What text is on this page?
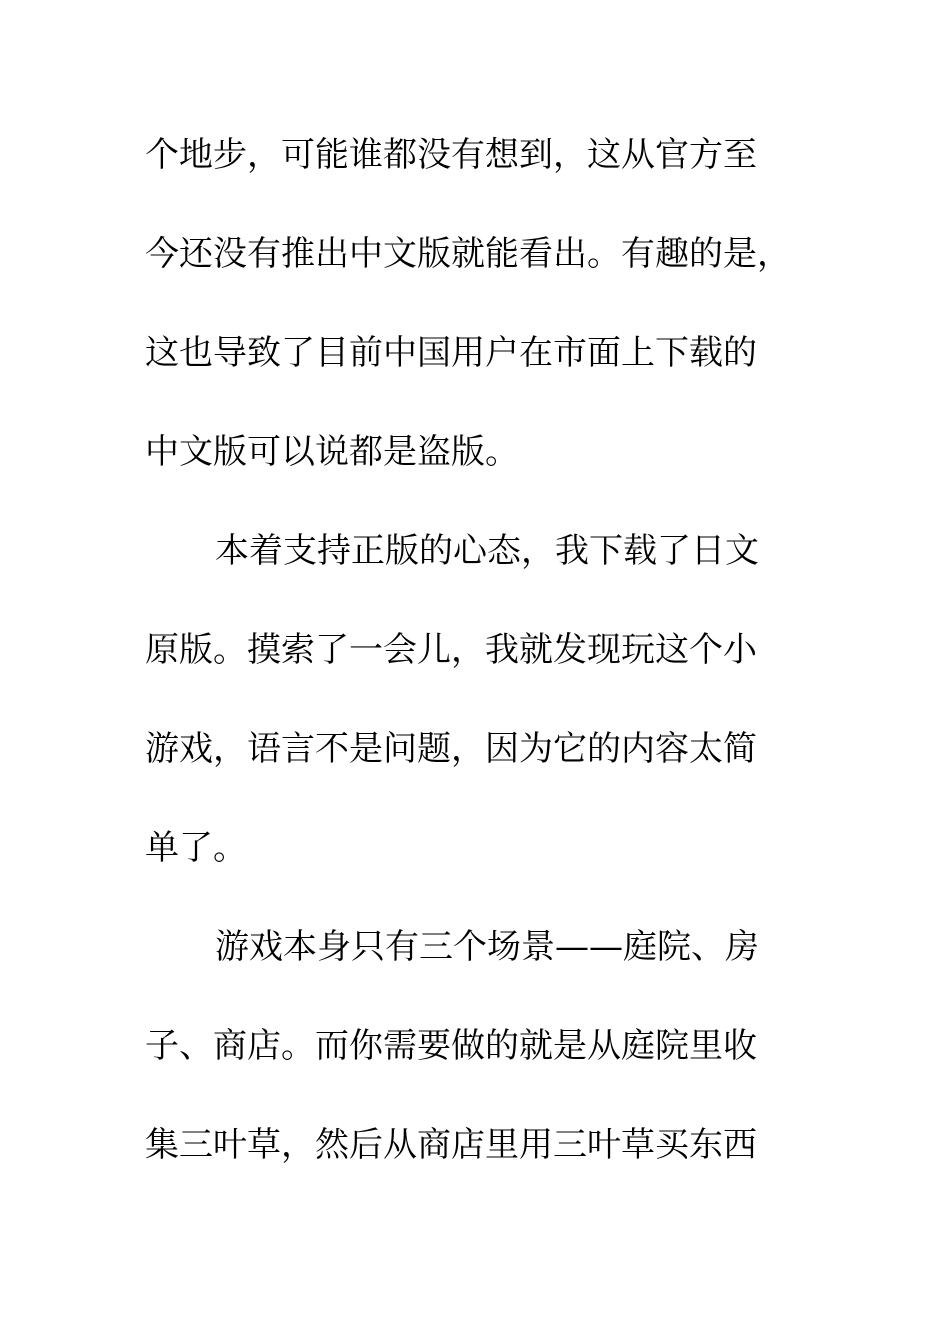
个地步，可能谁都没有想到，这从官方至
今还没有推出中文版就能看出。有趣的是，
这也导致了目前中国用户在市面上下载的
中文版可以说都是盗版。
本着支持正版的心态，我下载了日文
原版。摸索了一会儿，我就发现玩这个小
游戏，语言不是问题，因为它的内容太简
单了。
游戏本身只有三个场景——庭院、房
子、商店。而你需要做的就是从庭院里收
集三叶草，然后从商店里用三叶草买东西
